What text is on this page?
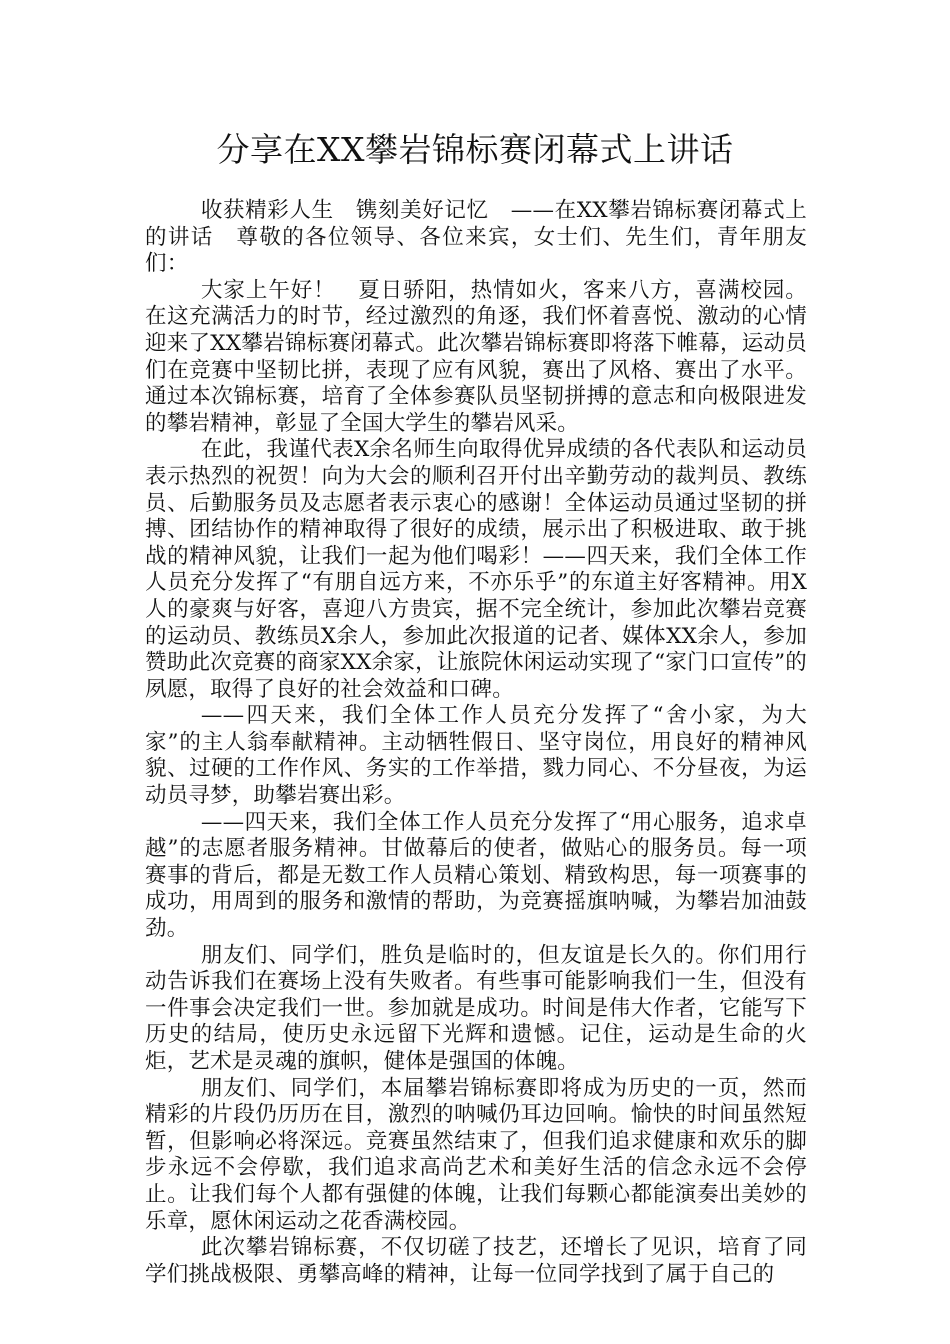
分享在XX攀岩锦标赛闭幕式上讲话

收获精彩人生　镌刻美好记忆　——在XX攀岩锦标赛闭幕式上的讲话　尊敬的各位领导、各位来宾，女士们、先生们，青年朋友们：

大家上午好！　夏日骄阳，热情如火，客来八方，喜满校园。在这充满活力的时节，经过激烈的角逐，我们怀着喜悦、激动的心情迎来了XX攀岩锦标赛闭幕式。此次攀岩锦标赛即将落下帷幕，运动员们在竞赛中坚韧比拼，表现了应有风貌，赛出了风格、赛出了水平。通过本次锦标赛，培育了全体参赛队员坚韧拼搏的意志和向极限进发的攀岩精神，彰显了全国大学生的攀岩风采。

在此，我谨代表X余名师生向取得优异成绩的各代表队和运动员表示热烈的祝贺！向为大会的顺利召开付出辛勤劳动的裁判员、教练员、后勤服务员及志愿者表示衷心的感谢！全体运动员通过坚韧的拼搏、团结协作的精神取得了很好的成绩，展示出了积极进取、敢于挑战的精神风貌，让我们一起为他们喝彩！——四天来，我们全体工作人员充分发挥了“有朋自远方来，不亦乐乎”的东道主好客精神。用X人的豪爽与好客，喜迎八方贵宾，据不完全统计，参加此次攀岩竞赛的运动员、教练员X余人，参加此次报道的记者、媒体XX余人，参加赞助此次竞赛的商家XX余家，让旅院休闲运动实现了“家门口宣传”的夙愿，取得了良好的社会效益和口碑。

——四天来，我们全体工作人员充分发挥了“舍小家，为大家”的主人翁奉献精神。主动牺牲假日、坚守岗位，用良好的精神风貌、过硬的工作作风、务实的工作举措，戮力同心、不分昼夜，为运动员寻梦，助攀岩赛出彩。

——四天来，我们全体工作人员充分发挥了“用心服务，追求卓越”的志愿者服务精神。甘做幕后的使者，做贴心的服务员。每一项赛事的背后，都是无数工作人员精心策划、精致构思，每一项赛事的成功，用周到的服务和激情的帮助，为竞赛摇旗呐喊，为攀岩加油鼓劲。

朋友们、同学们，胜负是临时的，但友谊是长久的。你们用行动告诉我们在赛场上没有失败者。有些事可能影响我们一生，但没有一件事会决定我们一世。参加就是成功。时间是伟大作者，它能写下历史的结局，使历史永远留下光辉和遗憾。记住，运动是生命的火炬，艺术是灵魂的旗帜，健体是强国的体魄。

朋友们、同学们，本届攀岩锦标赛即将成为历史的一页，然而精彩的片段仍历历在目，激烈的呐喊仍耳边回响。愉快的时间虽然短暂，但影响必将深远。竞赛虽然结束了，但我们追求健康和欢乐的脚步永远不会停歇，我们追求高尚艺术和美好生活的信念永远不会停止。让我们每个人都有强健的体魄，让我们每颗心都能演奏出美妙的乐章，愿休闲运动之花香满校园。

此次攀岩锦标赛，不仅切磋了技艺，还增长了见识，培育了同学们挑战极限、勇攀高峰的精神，让每一位同学找到了属于自己的
